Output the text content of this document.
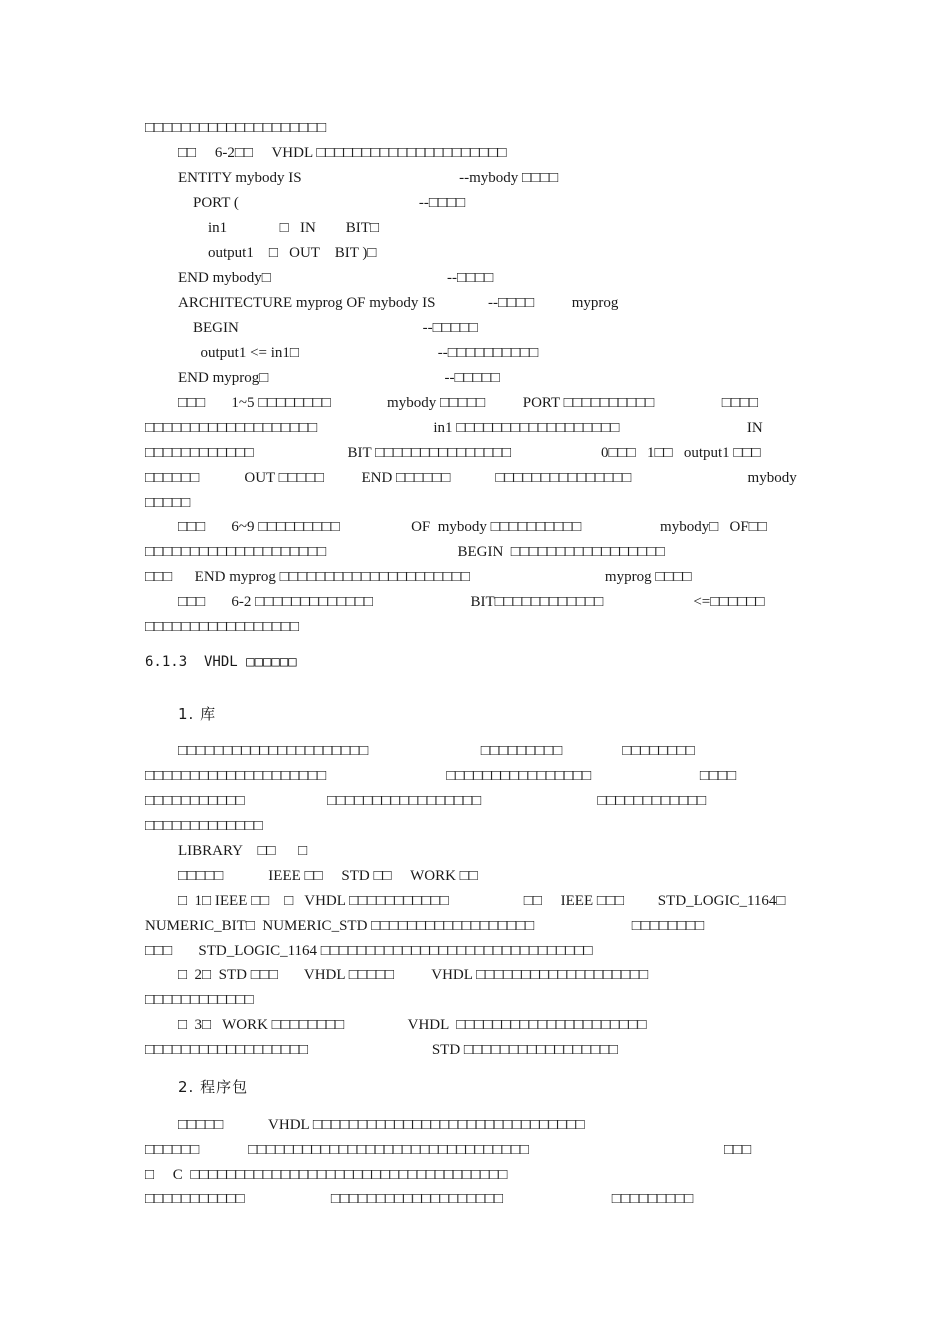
□□□□□□□□□□□□□□□□□□□□
□□     6-2□□     VHDL □□□□□□□□□□□□□□□□□□□□□
ENTITY mybody IS                                          --mybody □□□□
PORT (                                                --□□□□
in1              □   IN        BIT□
output1    □   OUT    BIT )□
END mybody□                                               --□□□□
ARCHITECTURE myprog OF mybody IS              --□□□□          myprog
BEGIN                                                 --□□□□□
output1 <= in1□                                     --□□□□□□□□□□
END myprog□                                               --□□□□□
□□□       1~5 □□□□□□□□               mybody □□□□□          PORT □□□□□□□□□□                  □□□□
□□□□□□□□□□□□□□□□□□□                               in1 □□□□□□□□□□□□□□□□□□                                  IN
□□□□□□□□□□□□                         BIT □□□□□□□□□□□□□□□                        0□□□   1□□   output1 □□□
□□□□□□            OUT □□□□□          END □□□□□□            □□□□□□□□□□□□□□□                               mybody
□□□□□
□□□       6~9 □□□□□□□□□                   OF  mybody □□□□□□□□□□                     mybody□   OF□□
□□□□□□□□□□□□□□□□□□□□                                   BEGIN  □□□□□□□□□□□□□□□□□
□□□      END myprog □□□□□□□□□□□□□□□□□□□□□                                    myprog □□□□
□□□       6-2 □□□□□□□□□□□□□                          BIT□□□□□□□□□□□□                        <=□□□□□□
□□□□□□□□□□□□□□□□□
6.1.3  VHDL □□□□□□
1. 库
□□□□□□□□□□□□□□□□□□□□□                              □□□□□□□□□                □□□□□□□□
□□□□□□□□□□□□□□□□□□□□                                □□□□□□□□□□□□□□□□                             □□□□
□□□□□□□□□□□                      □□□□□□□□□□□□□□□□□                               □□□□□□□□□□□□
□□□□□□□□□□□□□
LIBRARY    □□      □
□□□□□            IEEE □□     STD □□     WORK □□
□  1□ IEEE □□    □   VHDL □□□□□□□□□□□                    □□     IEEE □□□         STD_LOGIC_1164□
NUMERIC_BIT□  NUMERIC_STD □□□□□□□□□□□□□□□□□□                          □□□□□□□□
□□□       STD_LOGIC_1164 □□□□□□□□□□□□□□□□□□□□□□□□□□□□□□
□  2□  STD □□□       VHDL □□□□□          VHDL □□□□□□□□□□□□□□□□□□□
□□□□□□□□□□□□
□  3□   WORK □□□□□□□□                 VHDL  □□□□□□□□□□□□□□□□□□□□□
□□□□□□□□□□□□□□□□□□                                 STD □□□□□□□□□□□□□□□□□
2. 程序包
□□□□□            VHDL □□□□□□□□□□□□□□□□□□□□□□□□□□□□□□
□□□□□□             □□□□□□□□□□□□□□□□□□□□□□□□□□□□□□□                                                    □□□
□     C  □□□□□□□□□□□□□□□□□□□□□□□□□□□□□□□□□□□
□□□□□□□□□□□                       □□□□□□□□□□□□□□□□□□□                             □□□□□□□□□
